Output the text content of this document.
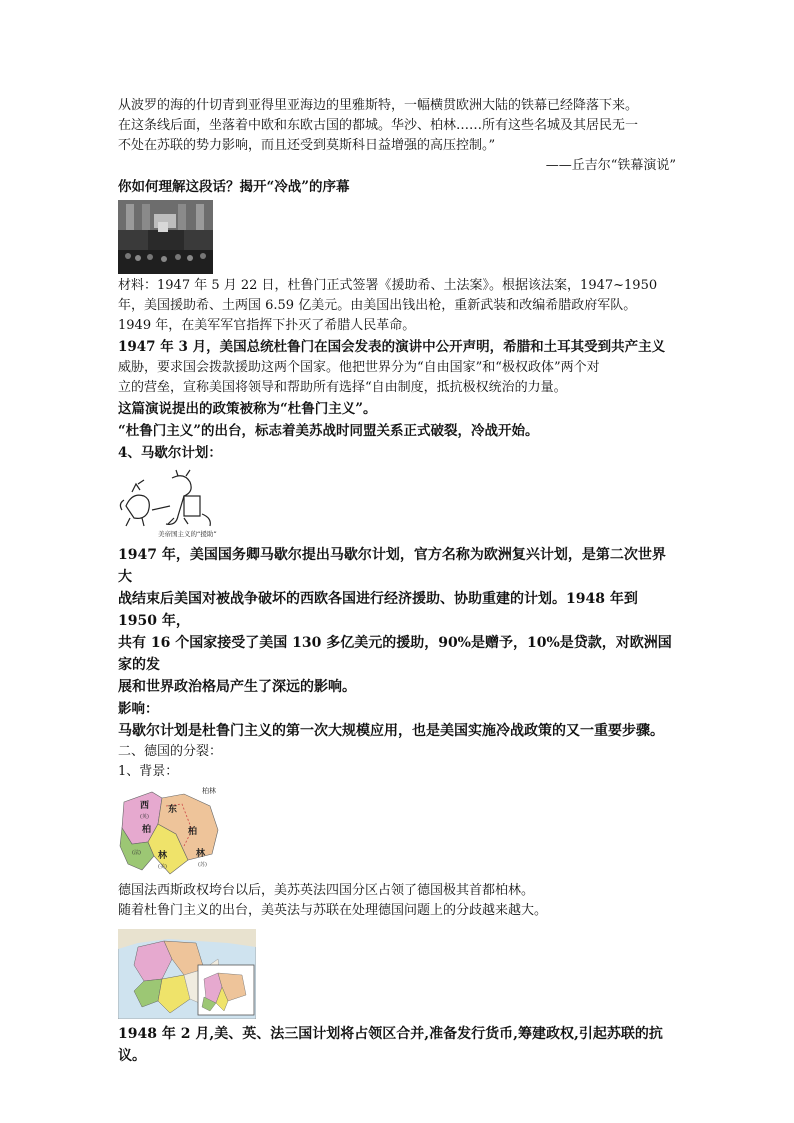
从波罗的海的什切青到亚得里亚海边的里雅斯特，一幅横贯欧洲大陆的铁幕已经降落下来。

在这条线后面，坐落着中欧和东欧古国的都城。华沙、柏林……所有这些名城及其居民无一

不处在苏联的势力影响，而且还受到莫斯科日益增强的高压控制。”

——丘吉尔“铁幕演说”

你如何理解这段话？揭开“冷战”的序幕

材料：1947 年 5 月 22 日，杜鲁门正式签署《援助希、土法案》。根据该法案，1947~1950

年，美国援助希、土两国 6.59 亿美元。由美国出钱出枪，重新武装和改编希腊政府军队。

1949 年，在美军军官指挥下扑灭了希腊人民革命。

1947 年 3 月，美国总统杜鲁门在国会发表的演讲中公开声明，希腊和土耳其受到共产主义

威胁，要求国会拨款援助这两个国家。他把世界分为“自由国家”和“极权政体”两个对

立的营垒，宣称美国将领导和帮助所有选择“自由制度，抵抗极权统治的力量。

这篇演说提出的政策被称为“杜鲁门主义”。

“杜鲁门主义”的出台，标志着美苏战时同盟关系正式破裂，冷战开始。

4、马歇尔计划：

美帝国主义的“援助”

1947 年，美国国务卿马歇尔提出马歇尔计划，官方名称为欧洲复兴计划，是第二次世界大

战结束后美国对被战争破坏的西欧各国进行经济援助、协助重建的计划。1948 年到 1950 年，

共有 16 个国家接受了美国 130 多亿美元的援助，90%是赠予，10%是贷款，对欧洲国家的发

展和世界政治格局产生了深远的影响。

影响：

马歇尔计划是杜鲁门主义的第一次大规模应用，也是美国实施冷战政策的又一重要步骤。

二、德国的分裂：

1、背景：

柏林
西 东
(英)
柏	柏
(法) 林
(美)
林
(苏)

德国法西斯政权垮台以后，美苏英法四国分区占领了德国极其首都柏林。

随着杜鲁门主义的出台，美英法与苏联在处理德国问题上的分歧越来越大。

1948 年 2 月,美、英、法三国计划将占领区合并,准备发行货币,筹建政权,引起苏联的抗议。
